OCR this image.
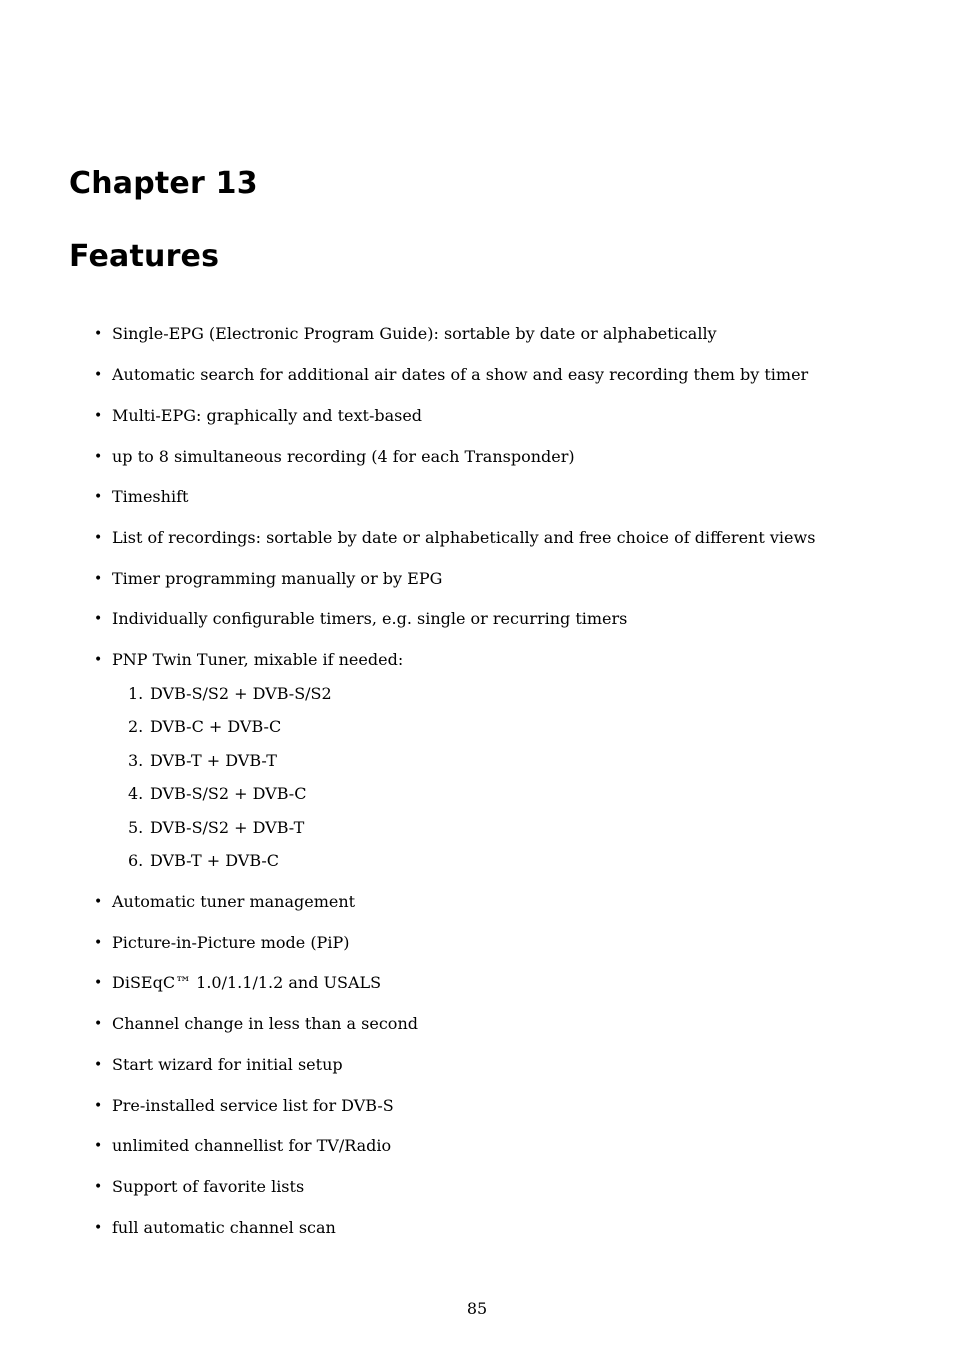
Chapter 13
Features
• Single-EPG (Electronic Program Guide): sortable by date or alphabetically
• Automatic search for additional air dates of a show and easy recording them by timer
• Multi-EPG: graphically and text-based
• up to 8 simultaneous recording (4 for each Transponder)
• Timeshift
• List of recordings: sortable by date or alphabetically and free choice of different views
• Timer programming manually or by EPG
• Individually configurable timers, e.g. single or recurring timers
• PNP Twin Tuner, mixable if needed:
1. DVB-S/S2 + DVB-S/S2
2. DVB-C + DVB-C
3. DVB-T + DVB-T
4. DVB-S/S2 + DVB-C
5. DVB-S/S2 + DVB-T
6. DVB-T + DVB-C
• Automatic tuner management
• Picture-in-Picture mode (PiP)
• DiSEqC™ 1.0/1.1/1.2 and USALS
• Channel change in less than a second
• Start wizard for initial setup
• Pre-installed service list for DVB-S
• unlimited channellist for TV/Radio
• Support of favorite lists
• full automatic channel scan

85
